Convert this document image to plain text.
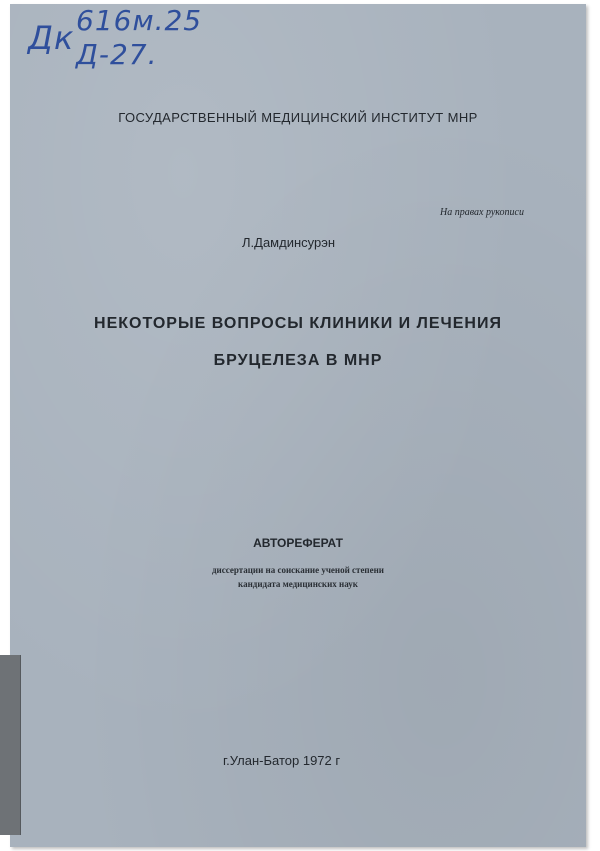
Дк 616м.25
Д-27.
ГОСУДАРСТВЕННЫЙ МЕДИЦИНСКИЙ ИНСТИТУТ МНР
На правах рукописи
Л.Дамдинсурэн
НЕКОТОРЫЕ ВОПРОСЫ КЛИНИКИ И ЛЕЧЕНИЯ
БРУЦЕЛЕЗА В МНР
АВТОРЕФЕРАТ
диссертации на соискание ученой степени
кандидата медицинских наук
г.Улан-Батор 1972 г
